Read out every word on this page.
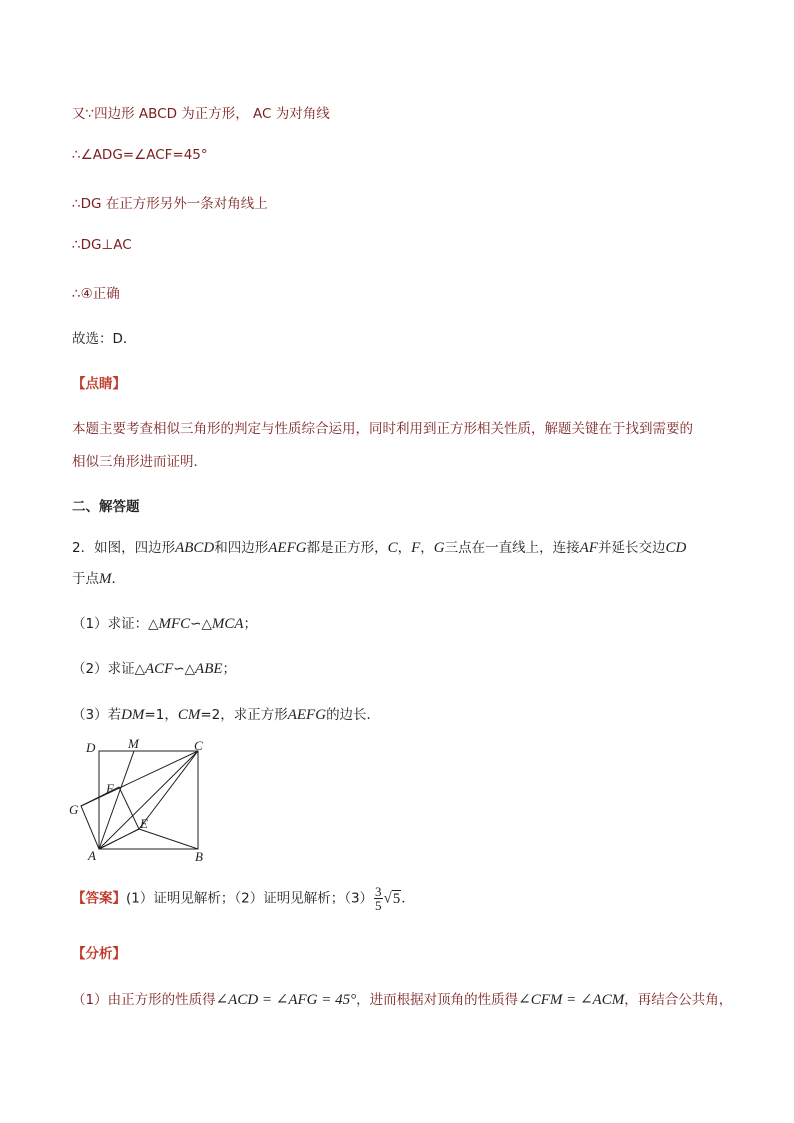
又∵四边形 ABCD 为正方形， AC 为对角线
∴∠ADG=∠ACF=45°
∴DG 在正方形另外一条对角线上
∴DG⊥AC
∴④正确
故选：D．
【点睛】
本题主要考查相似三角形的判定与性质综合运用，同时利用到正方形相关性质，解题关键在于找到需要的
相似三角形进而证明．
二、解答题
2．如图，四边形ABCD和四边形AEFG都是正方形，C，F，G三点在一直线上，连接AF并延长交边CD
于点M．
（1）求证：△MFC∽△MCA；
（2）求证△ACF∽△ABE；
（3）若DM=1，CM=2，求正方形AEFG的边长．
D	M	C
F
G
E
A	B
【答案】(1）证明见解析；（2）证明见解析；$(3) \frac{3}{5} √5$．
【分析】
（1）由正方形的性质得∠ACD = ∠AFG = 45°，进而根据对顶角的性质得∠CFM = ∠ACM，再结合公共角，
